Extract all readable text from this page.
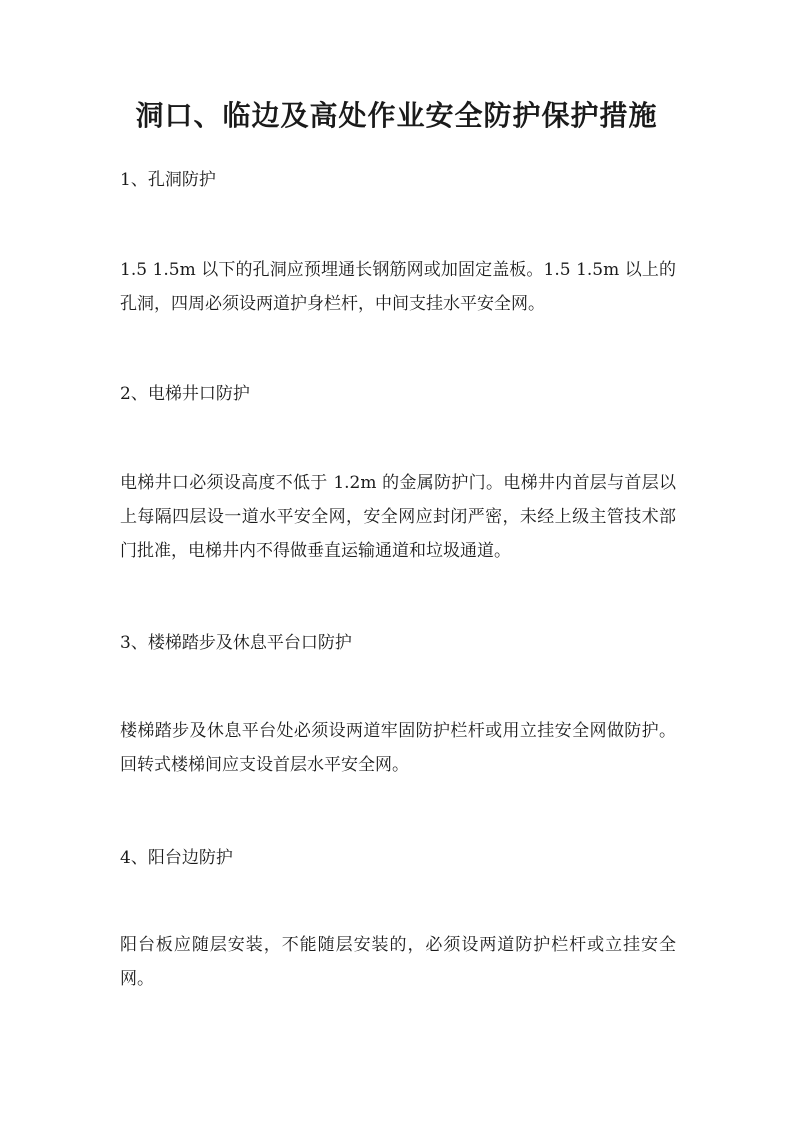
洞口、临边及高处作业安全防护保护措施
1、孔洞防护

1.5 1.5m 以下的孔洞应预埋通长钢筋网或加固定盖板。1.5 1.5m 以上的孔洞，四周必须设两道护身栏杆，中间支挂水平安全网。

2、电梯井口防护

电梯井口必须设高度不低于 1.2m 的金属防护门。电梯井内首层与首层以上每隔四层设一道水平安全网，安全网应封闭严密，未经上级主管技术部门批准，电梯井内不得做垂直运输通道和垃圾通道。

3、楼梯踏步及休息平台口防护

楼梯踏步及休息平台处必须设两道牢固防护栏杆或用立挂安全网做防护。回转式楼梯间应支设首层水平安全网。

4、阳台边防护

阳台板应随层安装，不能随层安装的，必须设两道防护栏杆或立挂安全网。
